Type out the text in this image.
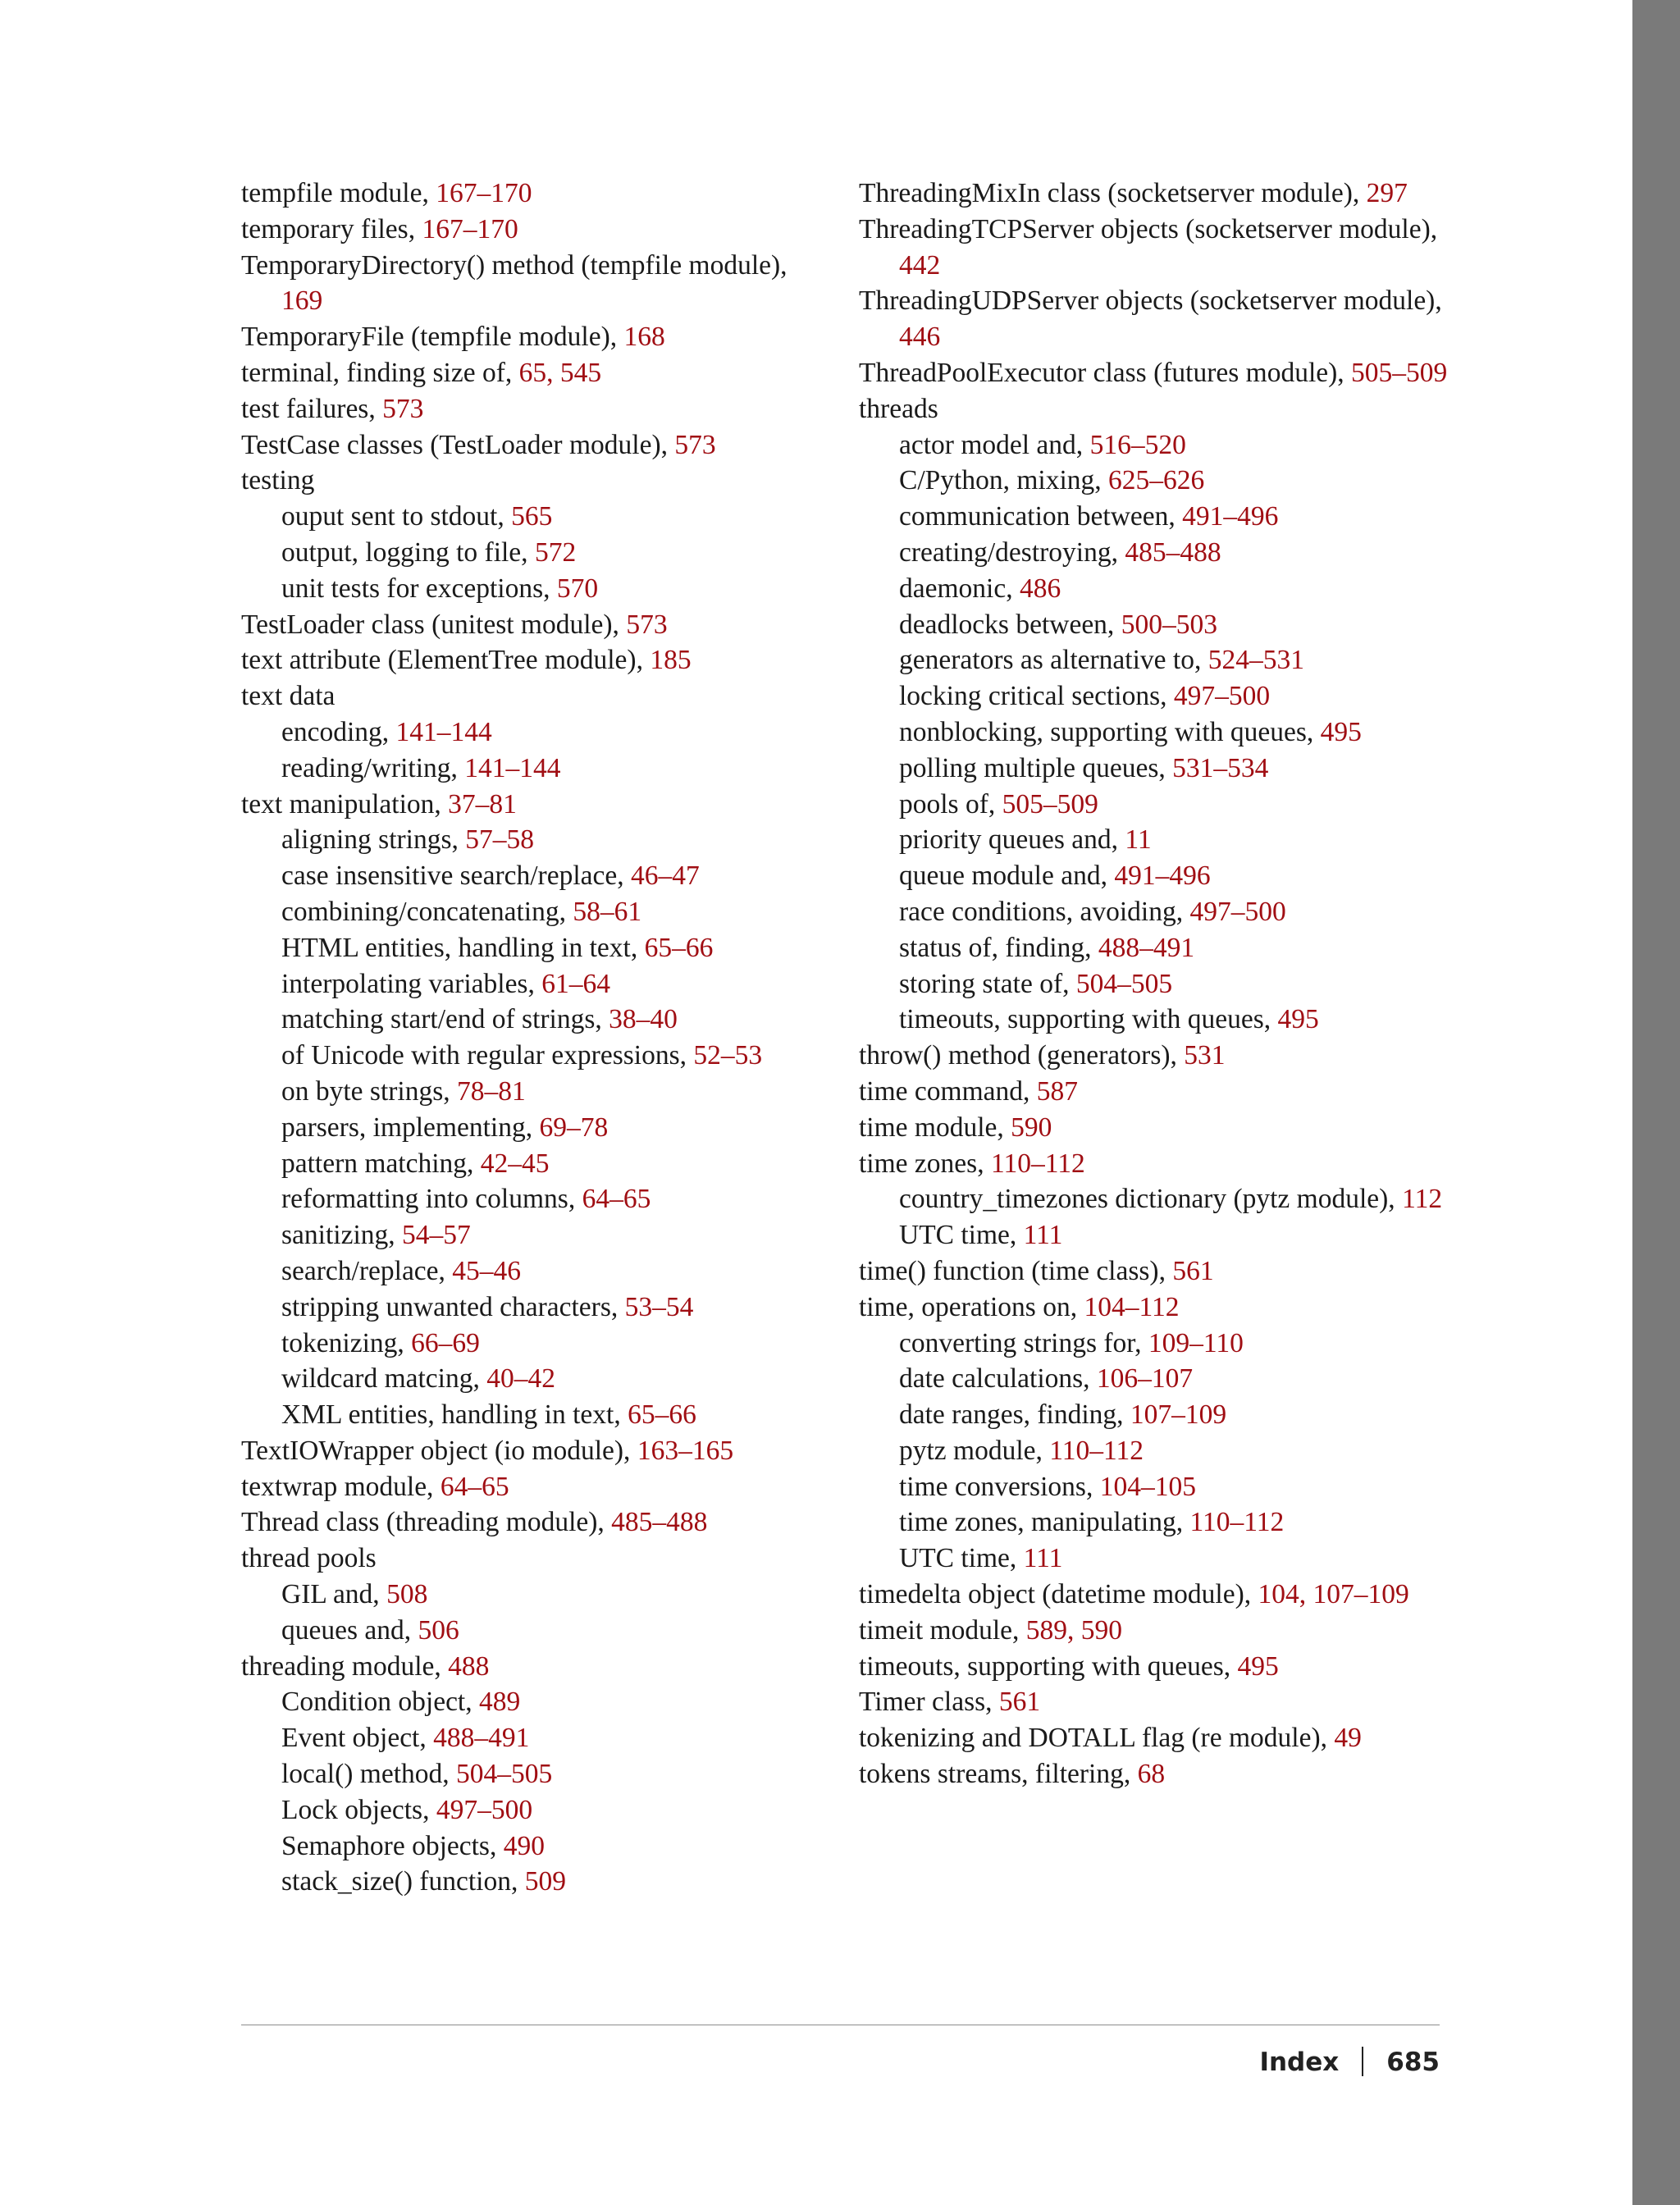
tempfile module, 167–170
temporary files, 167–170
TemporaryDirectory() method (tempfile module), 169
TemporaryFile (tempfile module), 168
terminal, finding size of, 65, 545
test failures, 573
TestCase classes (TestLoader module), 573
testing
ouput sent to stdout, 565
output, logging to file, 572
unit tests for exceptions, 570
TestLoader class (unitest module), 573
text attribute (ElementTree module), 185
text data
encoding, 141–144
reading/writing, 141–144
text manipulation, 37–81
aligning strings, 57–58
case insensitive search/replace, 46–47
combining/concatenating, 58–61
HTML entities, handling in text, 65–66
interpolating variables, 61–64
matching start/end of strings, 38–40
of Unicode with regular expressions, 52–53
on byte strings, 78–81
parsers, implementing, 69–78
pattern matching, 42–45
reformatting into columns, 64–65
sanitizing, 54–57
search/replace, 45–46
stripping unwanted characters, 53–54
tokenizing, 66–69
wildcard matcing, 40–42
XML entities, handling in text, 65–66
TextIOWrapper object (io module), 163–165
textwrap module, 64–65
Thread class (threading module), 485–488
thread pools
GIL and, 508
queues and, 506
threading module, 488
Condition object, 489
Event object, 488–491
local() method, 504–505
Lock objects, 497–500
Semaphore objects, 490
stack_size() function, 509
ThreadingMixIn class (socketserver module), 297
ThreadingTCPServer objects (socketserver module), 442
ThreadingUDPServer objects (socketserver module), 446
ThreadPoolExecutor class (futures module), 505–509
threads
actor model and, 516–520
C/Python, mixing, 625–626
communication between, 491–496
creating/destroying, 485–488
daemonic, 486
deadlocks between, 500–503
generators as alternative to, 524–531
locking critical sections, 497–500
nonblocking, supporting with queues, 495
polling multiple queues, 531–534
pools of, 505–509
priority queues and, 11
queue module and, 491–496
race conditions, avoiding, 497–500
status of, finding, 488–491
storing state of, 504–505
timeouts, supporting with queues, 495
throw() method (generators), 531
time command, 587
time module, 590
time zones, 110–112
country_timezones dictionary (pytz module), 112
UTC time, 111
time() function (time class), 561
time, operations on, 104–112
converting strings for, 109–110
date calculations, 106–107
date ranges, finding, 107–109
pytz module, 110–112
time conversions, 104–105
time zones, manipulating, 110–112
UTC time, 111
timedelta object (datetime module), 104, 107–109
timeit module, 589, 590
timeouts, supporting with queues, 495
Timer class, 561
tokenizing and DOTALL flag (re module), 49
tokens streams, filtering, 68
Index 685
